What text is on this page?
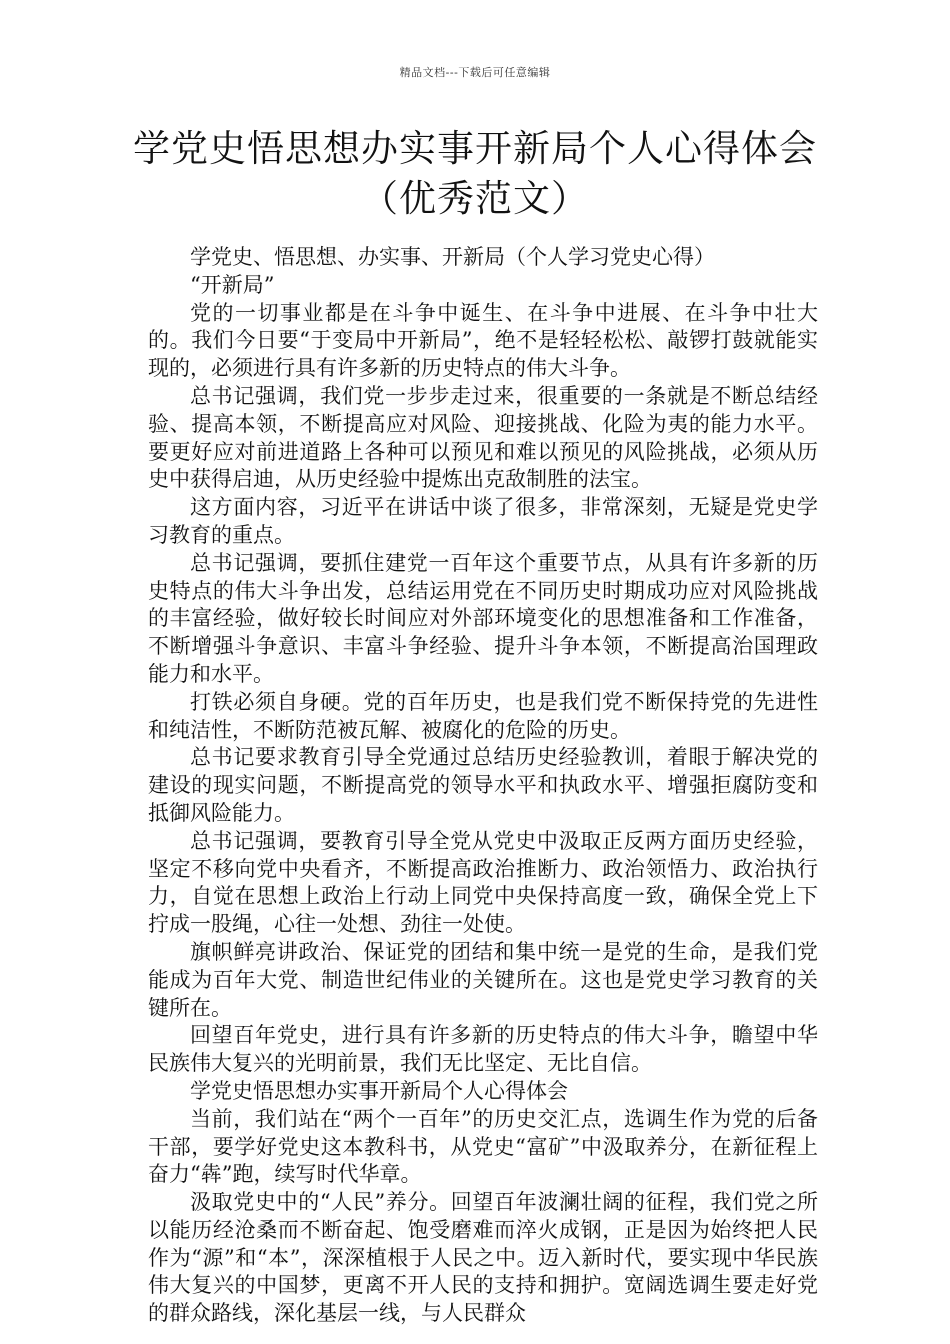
精品文档---下载后可任意编辑
学党史悟思想办实事开新局个人心得体会
（优秀范文）

学党史、悟思想、办实事、开新局（个人学习党史心得）

“开新局”

党的一切事业都是在斗争中诞生、在斗争中进展、在斗争中壮大的。我们今日要“于变局中开新局”，绝不是轻轻松松、敲锣打鼓就能实现的，必须进行具有许多新的历史特点的伟大斗争。

总书记强调，我们党一步步走过来，很重要的一条就是不断总结经验、提高本领，不断提高应对风险、迎接挑战、化险为夷的能力水平。要更好应对前进道路上各种可以预见和难以预见的风险挑战，必须从历史中获得启迪，从历史经验中提炼出克敌制胜的法宝。

这方面内容，习近平在讲话中谈了很多，非常深刻，无疑是党史学习教育的重点。

总书记强调，要抓住建党一百年这个重要节点，从具有许多新的历史特点的伟大斗争出发，总结运用党在不同历史时期成功应对风险挑战的丰富经验，做好较长时间应对外部环境变化的思想准备和工作准备，不断增强斗争意识、丰富斗争经验、提升斗争本领，不断提高治国理政能力和水平。

打铁必须自身硬。党的百年历史，也是我们党不断保持党的先进性和纯洁性，不断防范被瓦解、被腐化的危险的历史。

总书记要求教育引导全党通过总结历史经验教训，着眼于解决党的建设的现实问题，不断提高党的领导水平和执政水平、增强拒腐防变和抵御风险能力。

总书记强调，要教育引导全党从党史中汲取正反两方面历史经验，坚定不移向党中央看齐，不断提高政治推断力、政治领悟力、政治执行力，自觉在思想上政治上行动上同党中央保持高度一致，确保全党上下拧成一股绳，心往一处想、劲往一处使。

旗帜鲜亮讲政治、保证党的团结和集中统一是党的生命，是我们党能成为百年大党、制造世纪伟业的关键所在。这也是党史学习教育的关键所在。

回望百年党史，进行具有许多新的历史特点的伟大斗争，瞻望中华民族伟大复兴的光明前景，我们无比坚定、无比自信。

学党史悟思想办实事开新局个人心得体会

当前，我们站在“两个一百年”的历史交汇点，选调生作为党的后备干部，要学好党史这本教科书，从党史“富矿”中汲取养分，在新征程上奋力“犇”跑，续写时代华章。

汲取党史中的“人民”养分。回望百年波澜壮阔的征程，我们党之所以能历经沧桑而不断奋起、饱受磨难而淬火成钢，正是因为始终把人民作为“源”和“本”，深深植根于人民之中。迈入新时代，要实现中华民族伟大复兴的中国梦，更离不开人民的支持和拥护。宽阔选调生要走好党的群众路线，深化基层一线，与人民群众
